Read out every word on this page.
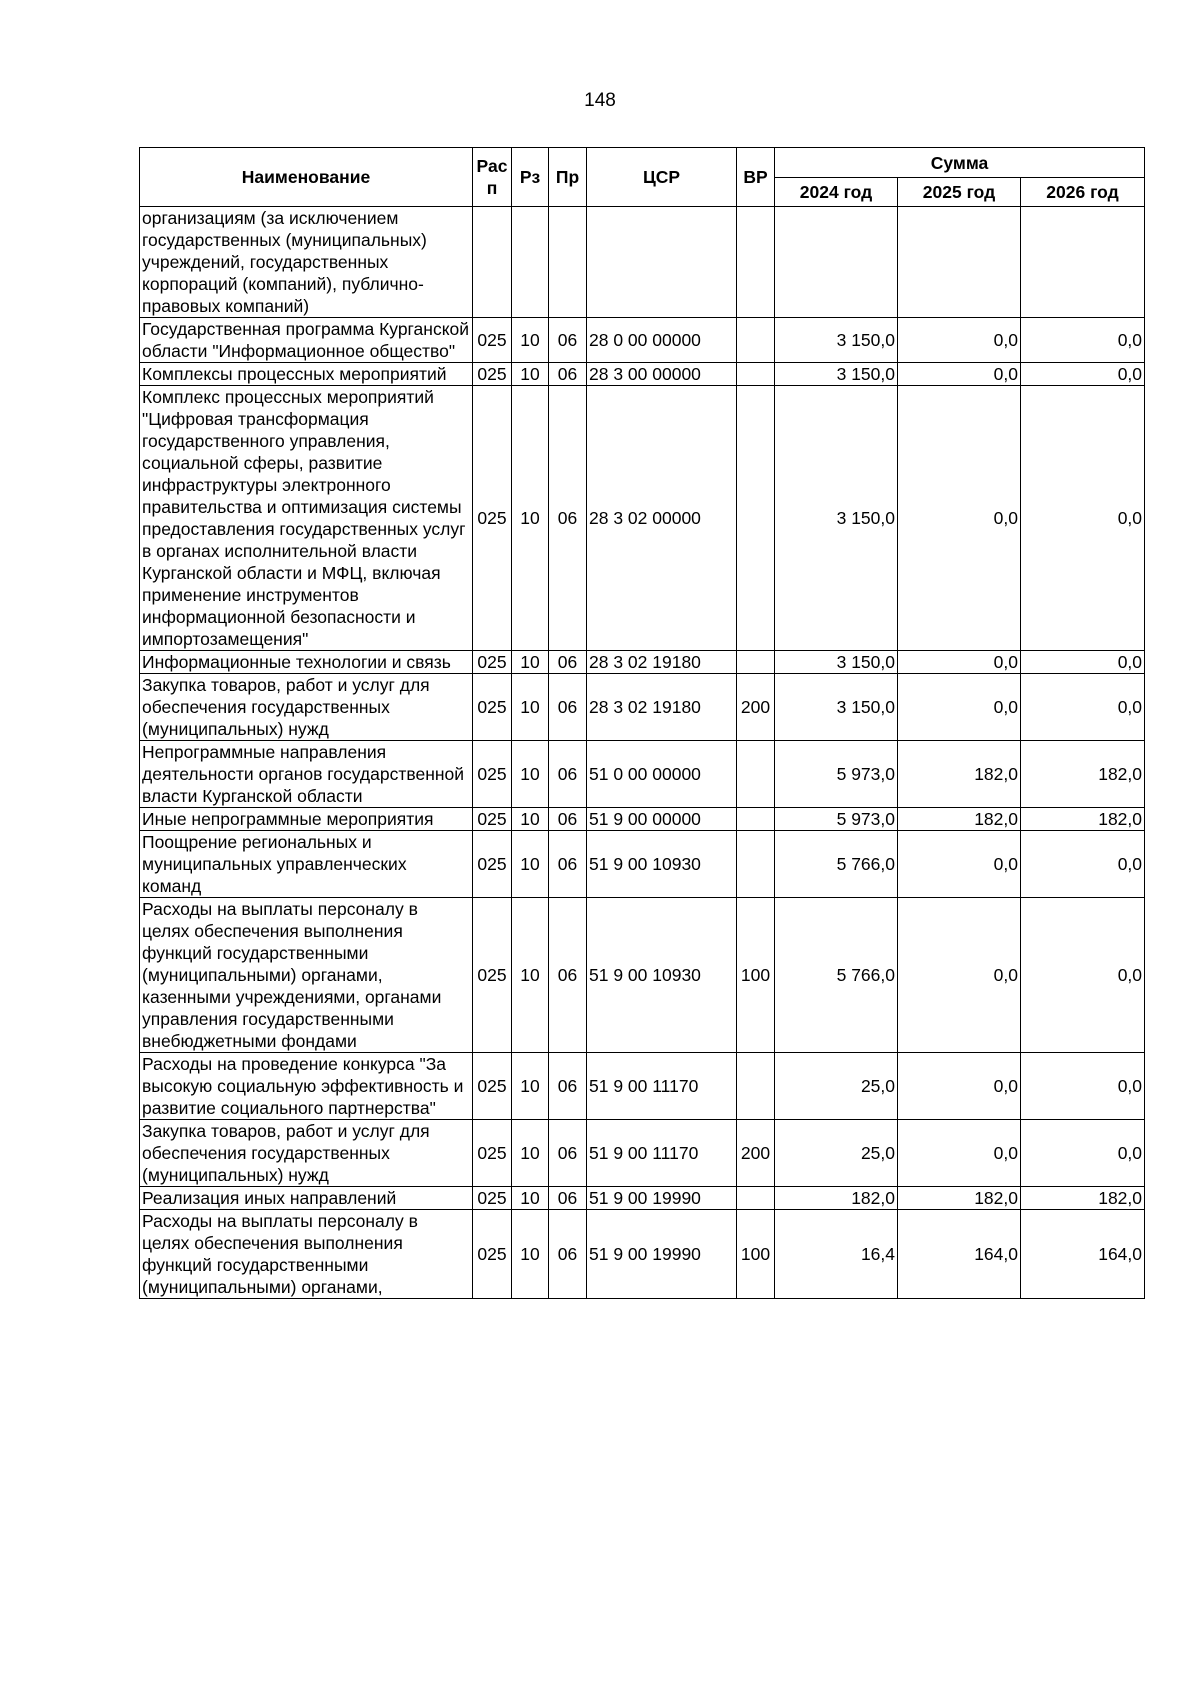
148
Наименование	Рас п	Рз	Пр	ЦСР	ВР	Сумма		
						2024 год	2025 год	2026 год
организациям (за исключением государственных (муниципальных) учреждений, государственных корпораций (компаний), публично-правовых компаний)								
Государственная программа Курганской области "Информационное общество"	025	10	06	28 0 00 00000		3 150,0	0,0	0,0
Комплексы процессных мероприятий	025	10	06	28 3 00 00000		3 150,0	0,0	0,0
Комплекс процессных мероприятий "Цифровая трансформация государственного управления, социальной сферы, развитие инфраструктуры электронного правительства и оптимизация системы предоставления государственных услуг в органах исполнительной власти Курганской области и МФЦ, включая применение инструментов информационной безопасности и импортозамещения"	025	10	06	28 3 02 00000		3 150,0	0,0	0,0
Информационные технологии и связь	025	10	06	28 3 02 19180		3 150,0	0,0	0,0
Закупка товаров, работ и услуг для обеспечения государственных (муниципальных) нужд	025	10	06	28 3 02 19180	200	3 150,0	0,0	0,0
Непрограммные направления деятельности органов государственной власти Курганской области	025	10	06	51 0 00 00000		5 973,0	182,0	182,0
Иные непрограммные мероприятия	025	10	06	51 9 00 00000		5 973,0	182,0	182,0
Поощрение региональных и муниципальных управленческих команд	025	10	06	51 9 00 10930		5 766,0	0,0	0,0
Расходы на выплаты персоналу в целях обеспечения выполнения функций государственными (муниципальными) органами, казенными учреждениями, органами управления государственными внебюджетными фондами	025	10	06	51 9 00 10930	100	5 766,0	0,0	0,0
Расходы на проведение конкурса "За высокую социальную эффективность и развитие социального партнерства"	025	10	06	51 9 00 11170		25,0	0,0	0,0
Закупка товаров, работ и услуг для обеспечения государственных (муниципальных) нужд	025	10	06	51 9 00 11170	200	25,0	0,0	0,0
Реализация иных направлений	025	10	06	51 9 00 19990		182,0	182,0	182,0
Расходы на выплаты персоналу в целях обеспечения выполнения функций государственными (муниципальными) органами,	025	10	06	51 9 00 19990	100	16,4	164,0	164,0
